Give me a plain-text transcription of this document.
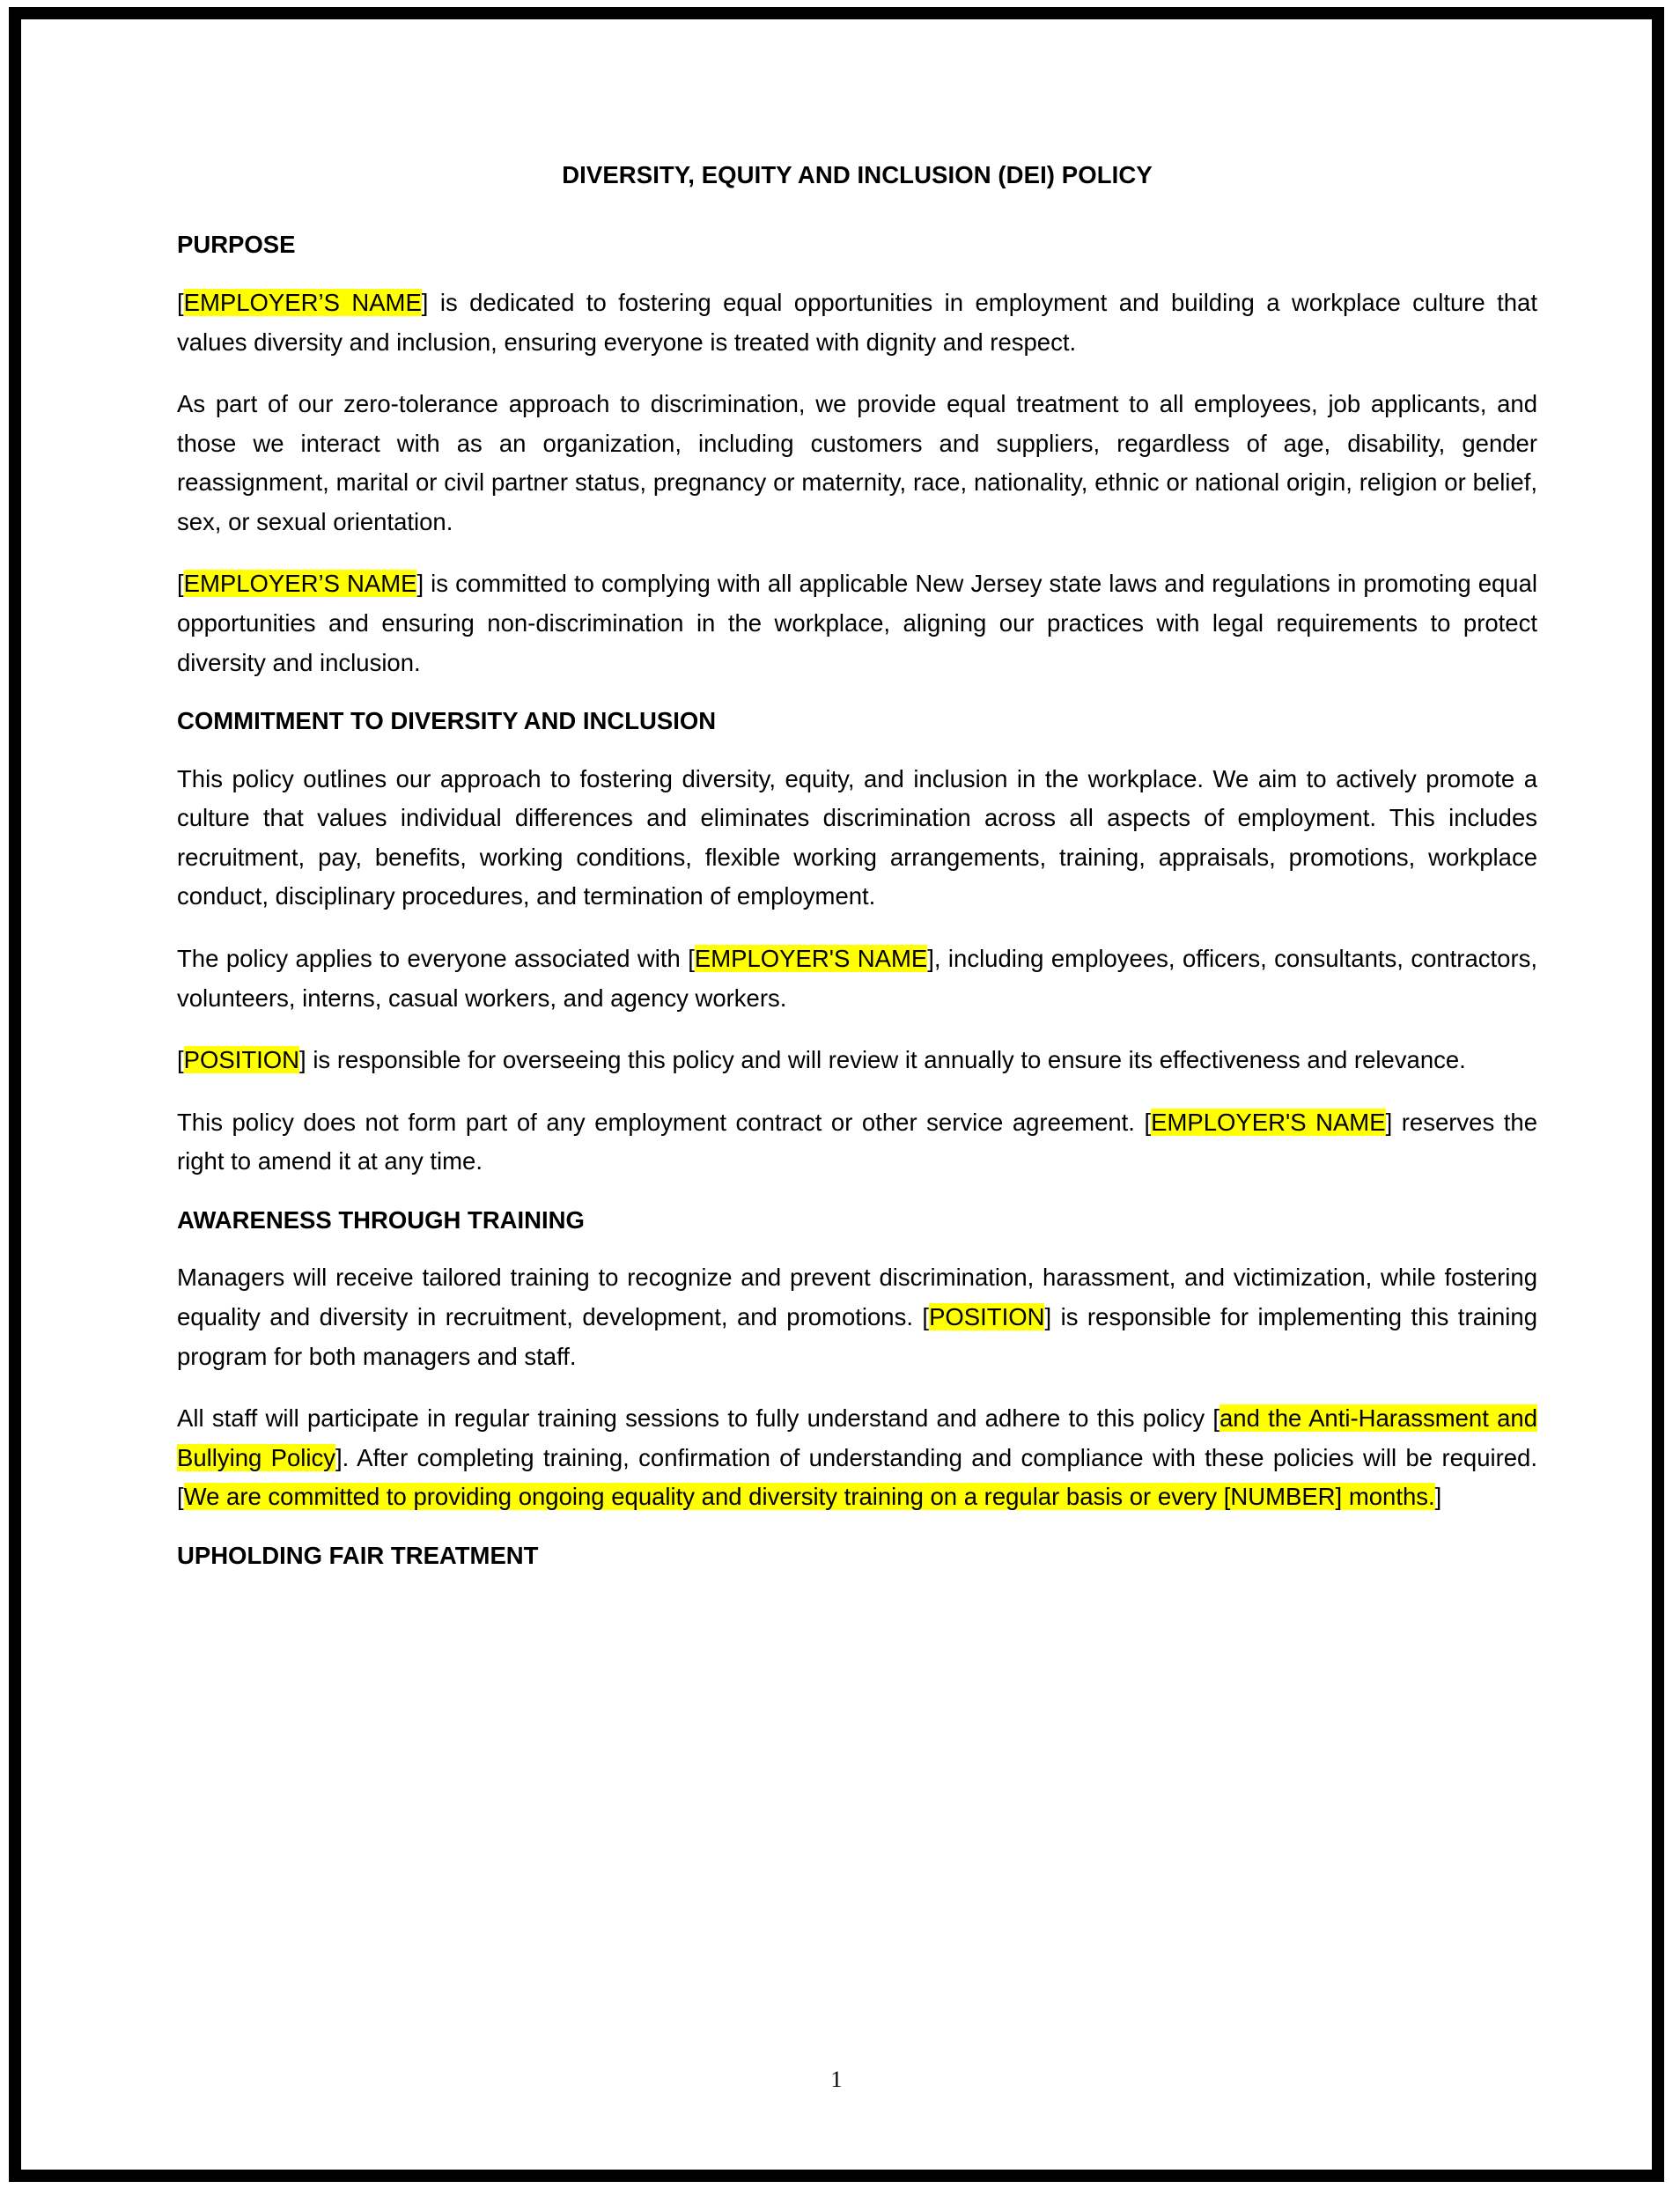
DIVERSITY, EQUITY AND INCLUSION (DEI) POLICY
PURPOSE

[EMPLOYER’S NAME] is dedicated to fostering equal opportunities in employment and building a workplace culture that values diversity and inclusion, ensuring everyone is treated with dignity and respect.

As part of our zero-tolerance approach to discrimination, we provide equal treatment to all employees, job applicants, and those we interact with as an organization, including customers and suppliers, regardless of age, disability, gender reassignment, marital or civil partner status, pregnancy or maternity, race, nationality, ethnic or national origin, religion or belief, sex, or sexual orientation.

[EMPLOYER’S NAME] is committed to complying with all applicable New Jersey state laws and regulations in promoting equal opportunities and ensuring non-discrimination in the workplace, aligning our practices with legal requirements to protect diversity and inclusion.

COMMITMENT TO DIVERSITY AND INCLUSION

This policy outlines our approach to fostering diversity, equity, and inclusion in the workplace. We aim to actively promote a culture that values individual differences and eliminates discrimination across all aspects of employment. This includes recruitment, pay, benefits, working conditions, flexible working arrangements, training, appraisals, promotions, workplace conduct, disciplinary procedures, and termination of employment.

The policy applies to everyone associated with [EMPLOYER'S NAME], including employees, officers, consultants, contractors, volunteers, interns, casual workers, and agency workers.

[POSITION] is responsible for overseeing this policy and will review it annually to ensure its effectiveness and relevance.

This policy does not form part of any employment contract or other service agreement. [EMPLOYER'S NAME] reserves the right to amend it at any time.

AWARENESS THROUGH TRAINING

Managers will receive tailored training to recognize and prevent discrimination, harassment, and victimization, while fostering equality and diversity in recruitment, development, and promotions. [POSITION] is responsible for implementing this training program for both managers and staff.

All staff will participate in regular training sessions to fully understand and adhere to this policy [and the Anti-Harassment and Bullying Policy]. After completing training, confirmation of understanding and compliance with these policies will be required. [We are committed to providing ongoing equality and diversity training on a regular basis or every [NUMBER] months.]

UPHOLDING FAIR TREATMENT
1
